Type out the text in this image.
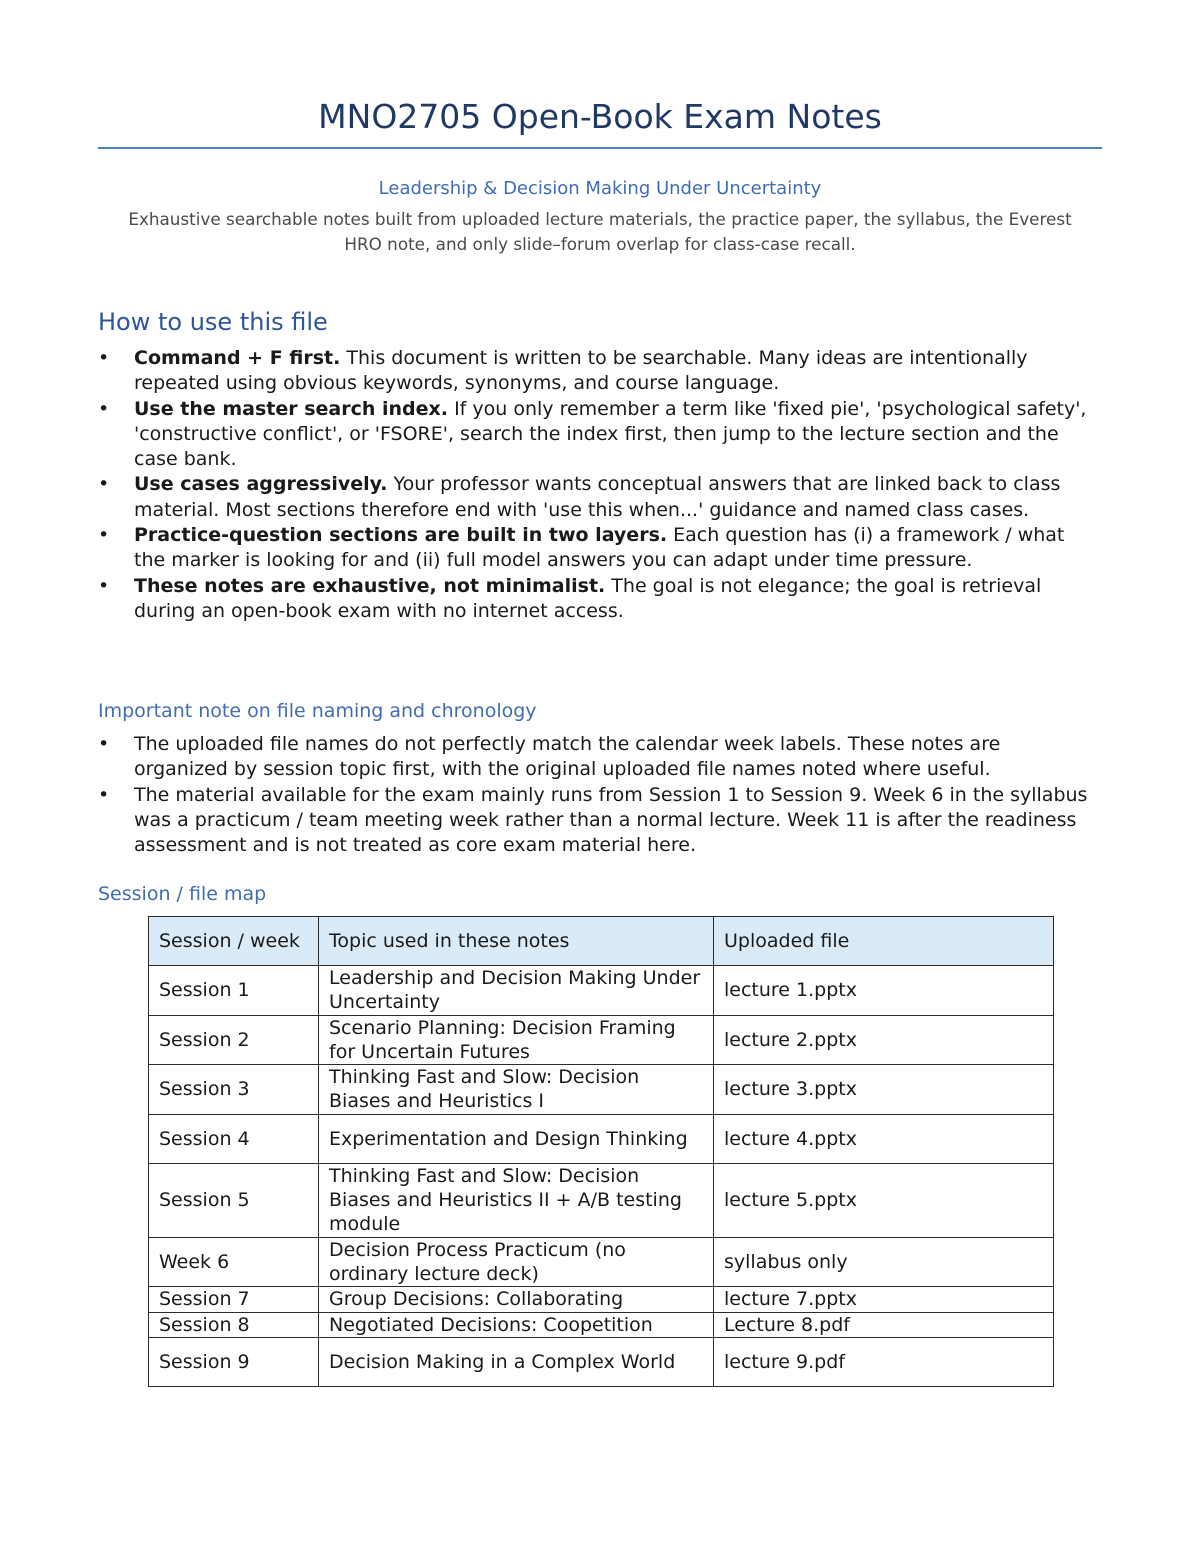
MNO2705 Open-Book Exam Notes
Leadership & Decision Making Under Uncertainty
Exhaustive searchable notes built from uploaded lecture materials, the practice paper, the syllabus, the Everest HRO note, and only slide–forum overlap for class-case recall.
How to use this file
•	Command + F first. This document is written to be searchable. Many ideas are intentionally repeated using obvious keywords, synonyms, and course language.
•	Use the master search index. If you only remember a term like 'fixed pie', 'psychological safety', 'constructive conflict', or 'FSORE', search the index first, then jump to the lecture section and the case bank.
•	Use cases aggressively. Your professor wants conceptual answers that are linked back to class material. Most sections therefore end with 'use this when...' guidance and named class cases.
•	Practice-question sections are built in two layers. Each question has (i) a framework / what the marker is looking for and (ii) full model answers you can adapt under time pressure.
•	These notes are exhaustive, not minimalist. The goal is not elegance; the goal is retrieval during an open-book exam with no internet access.
Important note on file naming and chronology
•	The uploaded file names do not perfectly match the calendar week labels. These notes are organized by session topic first, with the original uploaded file names noted where useful.
•	The material available for the exam mainly runs from Session 1 to Session 9. Week 6 in the syllabus was a practicum / team meeting week rather than a normal lecture. Week 11 is after the readiness assessment and is not treated as core exam material here.
Session / file map
Session / week	Topic used in these notes	Uploaded file
Session 1	Leadership and Decision Making Under Uncertainty	lecture 1.pptx
Session 2	Scenario Planning: Decision Framing for Uncertain Futures	lecture 2.pptx
Session 3	Thinking Fast and Slow: Decision Biases and Heuristics I	lecture 3.pptx
Session 4	Experimentation and Design Thinking	lecture 4.pptx
Session 5	Thinking Fast and Slow: Decision Biases and Heuristics II + A/B testing module	lecture 5.pptx
Week 6	Decision Process Practicum (no ordinary lecture deck)	syllabus only
Session 7	Group Decisions: Collaborating	lecture 7.pptx
Session 8	Negotiated Decisions: Coopetition	Lecture 8.pdf
Session 9	Decision Making in a Complex World	lecture 9.pdf
